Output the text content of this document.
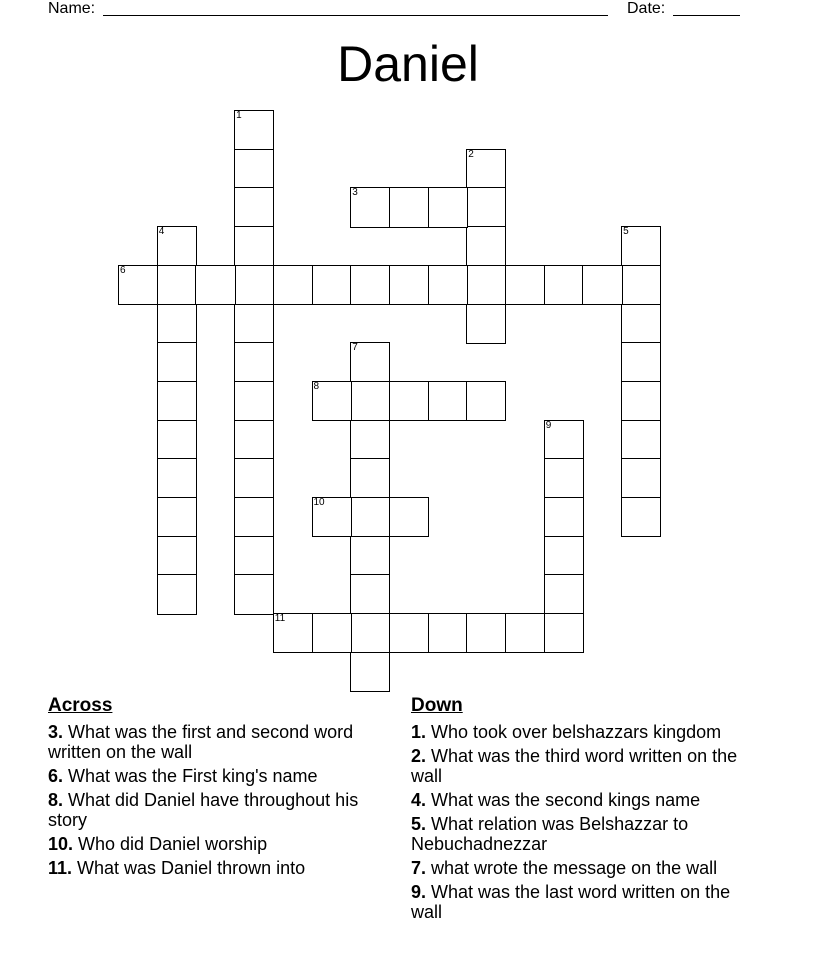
Name:	Date:
Daniel
1
2
3
4	5
6
7
8
9
10
11
Across
3. What was the first and second word written on the wall
6. What was the First king's name
8. What did Daniel have throughout his story
10. Who did Daniel worship
11. What was Daniel thrown into
Down
1. Who took over belshazzars kingdom
2. What was the third word written on the wall
4. What was the second kings name
5. What relation was Belshazzar to Nebuchadnezzar
7. what wrote the message on the wall
9. What was the last word written on the wall
